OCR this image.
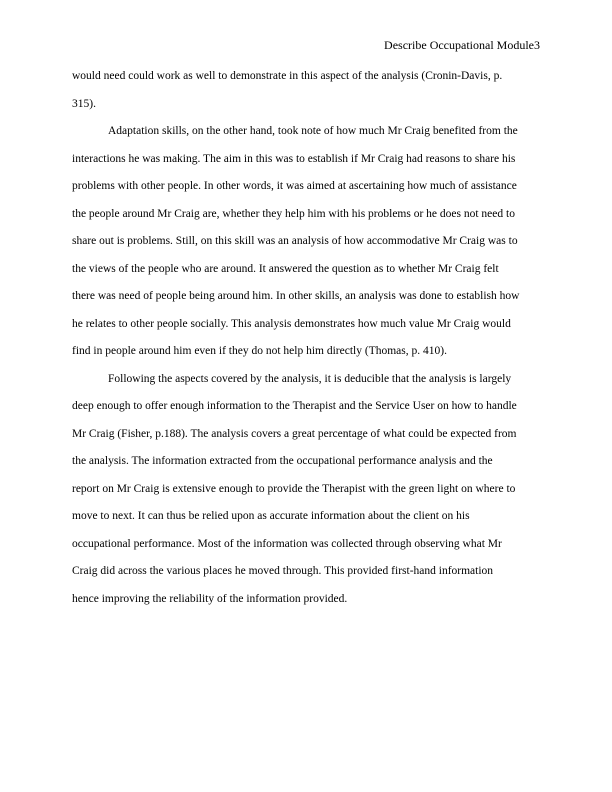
Describe Occupational Module3
would need could work as well to demonstrate in this aspect of the analysis (Cronin-Davis, p.
315).
Adaptation skills, on the other hand, took note of how much Mr Craig benefited from the
interactions he was making. The aim in this was to establish if Mr Craig had reasons to share his
problems with other people. In other words, it was aimed at ascertaining how much of assistance
the people around Mr Craig are, whether they help him with his problems or he does not need to
share out is problems. Still, on this skill was an analysis of how accommodative Mr Craig was to
the views of the people who are around. It answered the question as to whether Mr Craig felt
there was need of people being around him. In other skills, an analysis was done to establish how
he relates to other people socially. This analysis demonstrates how much value Mr Craig would
find in people around him even if they do not help him directly (Thomas, p. 410).
Following the aspects covered by the analysis, it is deducible that the analysis is largely
deep enough to offer enough information to the Therapist and the Service User on how to handle
Mr Craig (Fisher, p.188). The analysis covers a great percentage of what could be expected from
the analysis. The information extracted from the occupational performance analysis and the
report on Mr Craig is extensive enough to provide the Therapist with the green light on where to
move to next. It can thus be relied upon as accurate information about the client on his
occupational performance. Most of the information was collected through observing what Mr
Craig did across the various places he moved through. This provided first-hand information
hence improving the reliability of the information provided.
